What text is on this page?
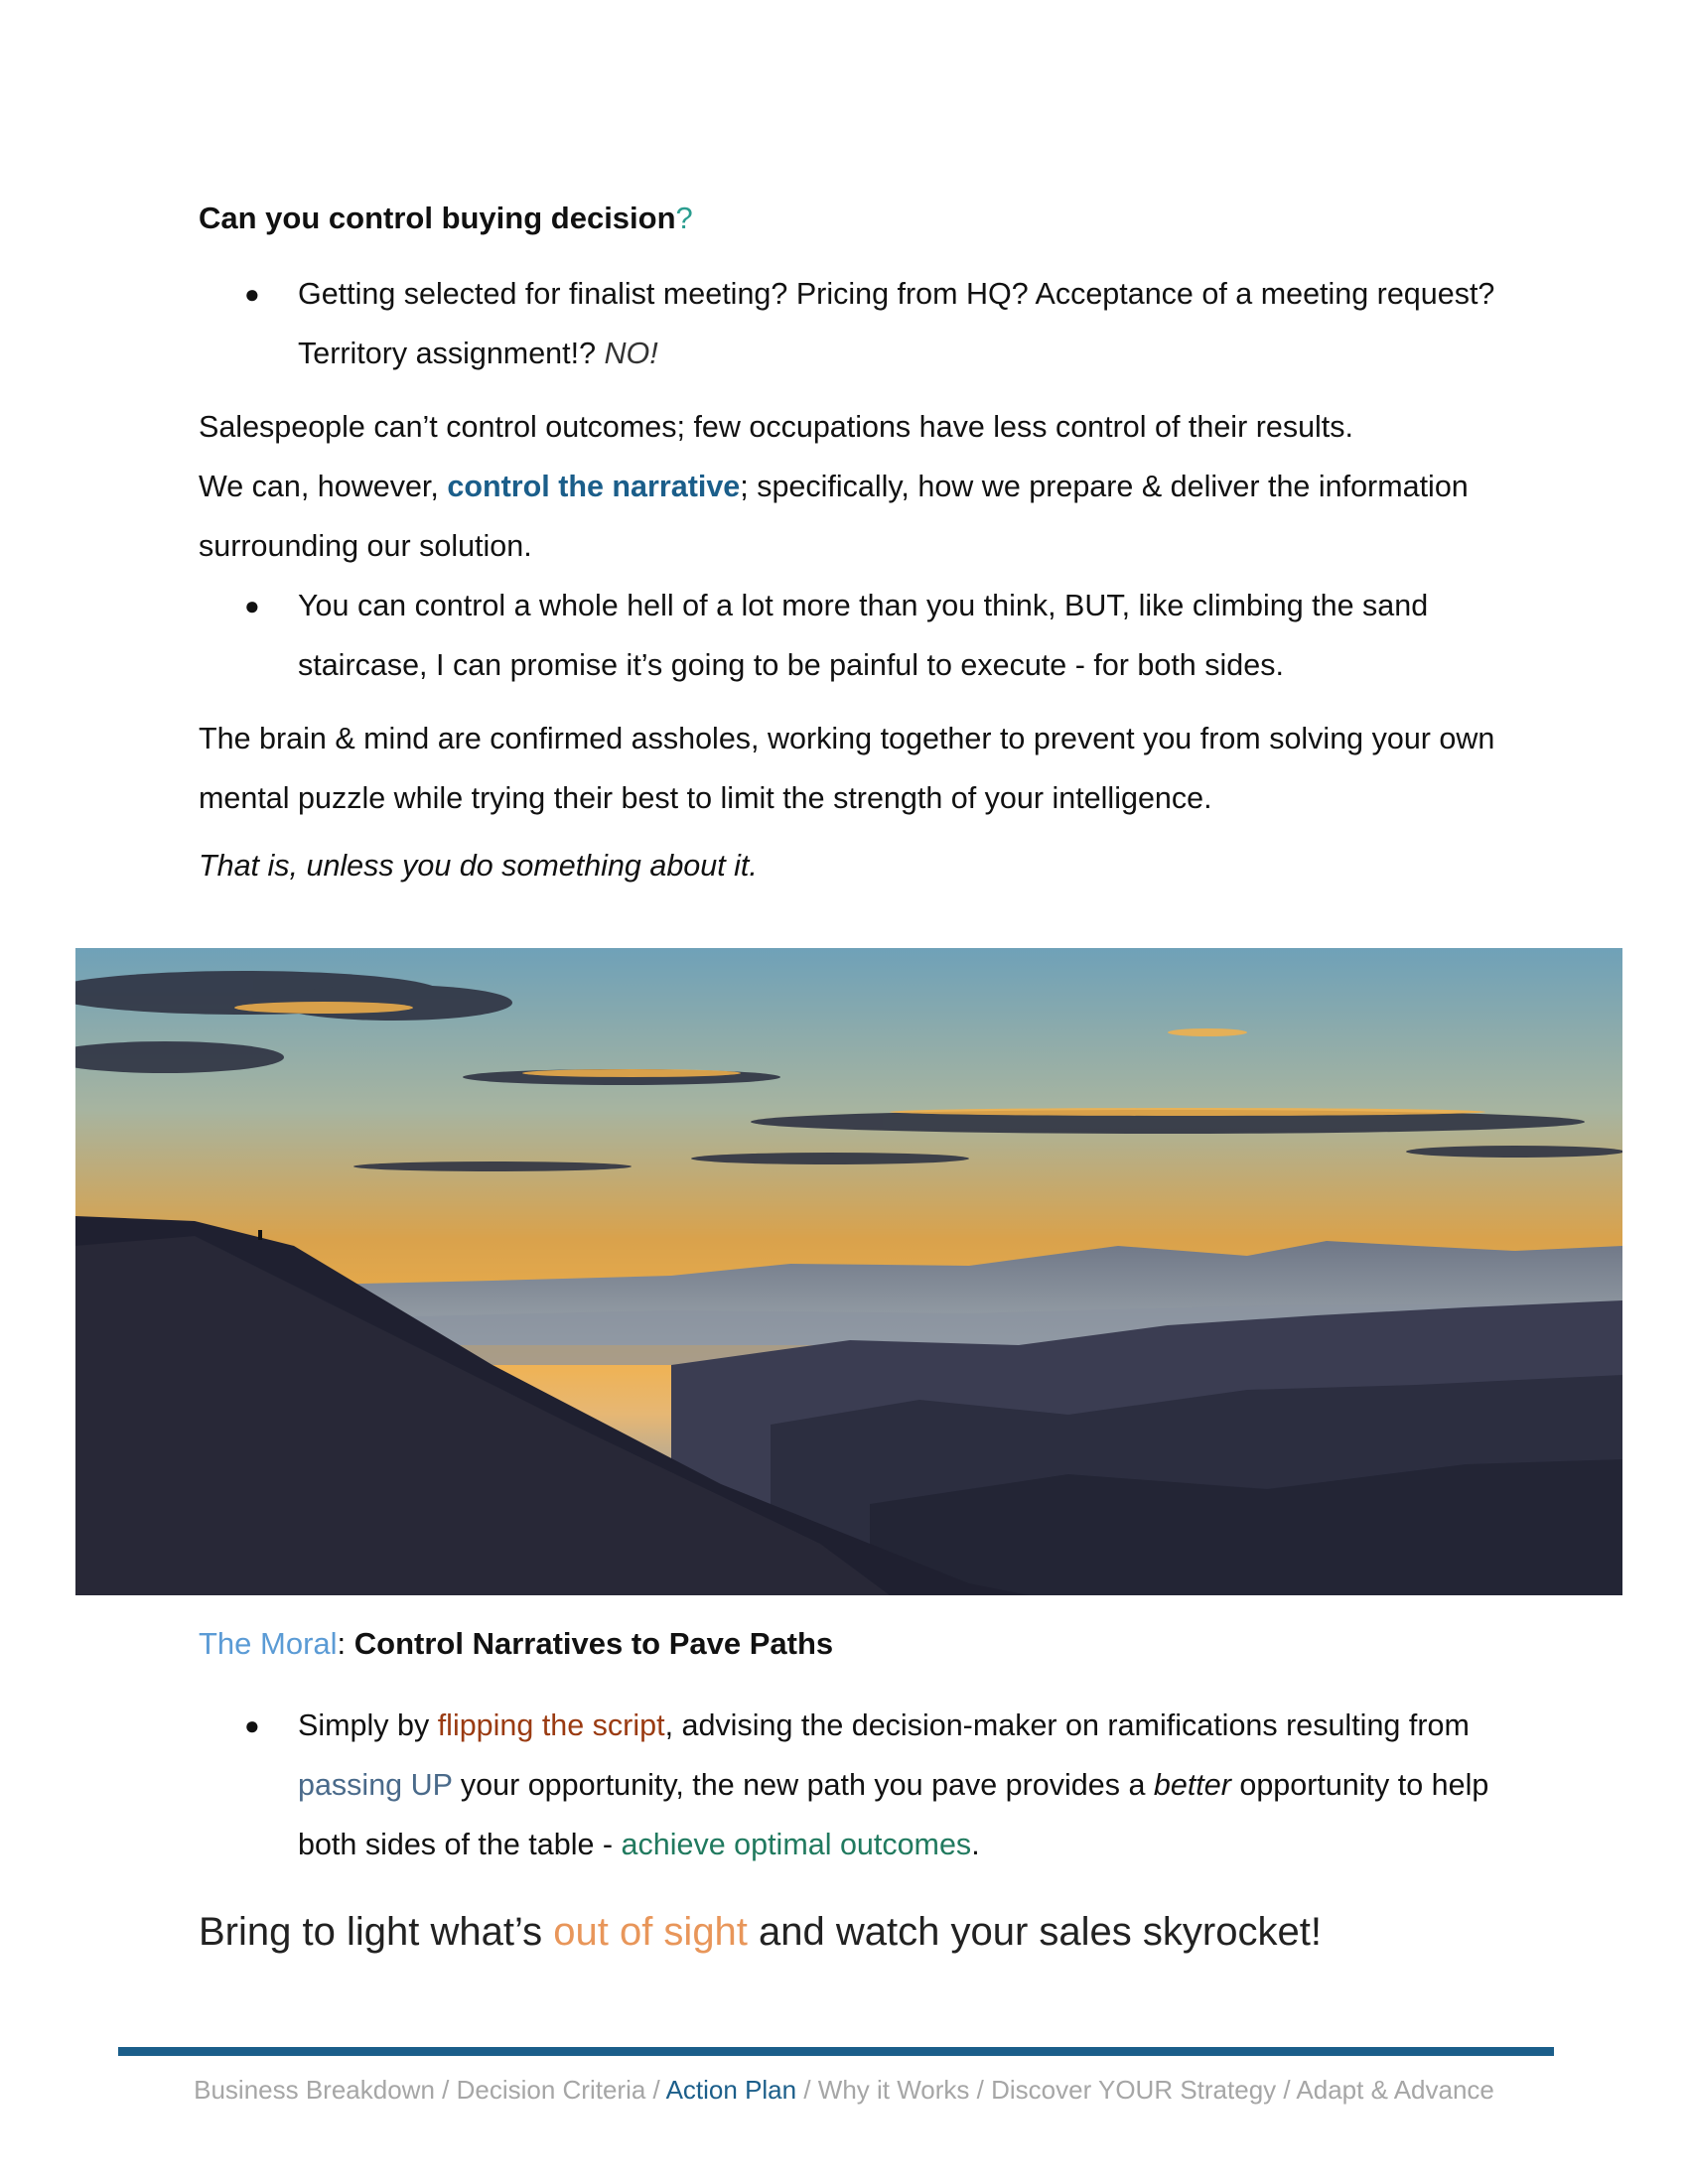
Can you control buying decision?
● Getting selected for finalist meeting? Pricing from HQ? Acceptance of a meeting request? Territory assignment!? NO!

Salespeople can’t control outcomes; few occupations have less control of their results.
We can, however, control the narrative; specifically, how we prepare & deliver the information surrounding our solution.

● You can control a whole hell of a lot more than you think, BUT, like climbing the sand staircase, I can promise it’s going to be painful to execute - for both sides.

The brain & mind are confirmed assholes, working together to prevent you from solving your own mental puzzle while trying their best to limit the strength of your intelligence.

That is, unless you do something about it.

The Moral: Control Narratives to Pave Paths
● Simply by flipping the script, advising the decision-maker on ramifications resulting from passing UP your opportunity, the new path you pave provides a better opportunity to help both sides of the table - achieve optimal outcomes.
Bring to light what’s out of sight and watch your sales skyrocket!
Business Breakdown / Decision Criteria / Action Plan / Why it Works / Discover YOUR Strategy / Adapt & Advance
